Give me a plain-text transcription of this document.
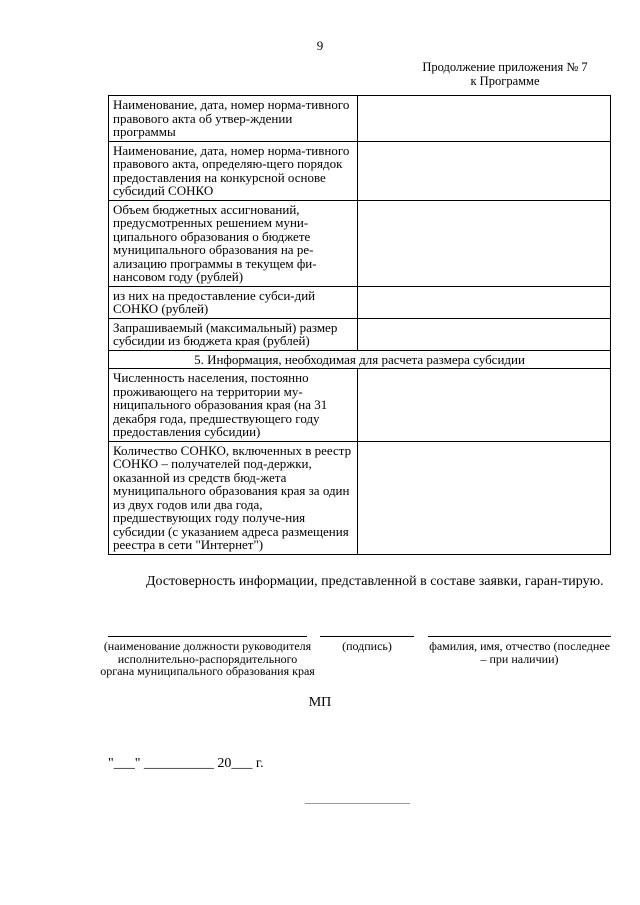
9
Продолжение приложения № 7
к Программе
Наименование, дата, номер норма-тивного правового акта об утвер-ждении программы	
Наименование, дата, номер норма-тивного правового акта, определяю-щего порядок предоставления на конкурсной основе субсидий СОНКО	
Объем бюджетных ассигнований, предусмотренных решением муни-ципального образования о бюджете муниципального образования на ре-ализацию программы в текущем фи-нансовом году (рублей)	
из них на предоставление субси-дий СОНКО (рублей)	
Запрашиваемый (максимальный) размер субсидии из бюджета края (рублей)	
5. Информация, необходимая для расчета размера субсидии	
Численность населения, постоянно проживающего на территории му-ниципального образования края (на 31 декабря года, предшествующего году предоставления субсидии)	
Количество СОНКО, включенных в реестр СОНКО – получателей под-держки, оказанной из средств бюд-жета муниципального образования края за один из двух годов или два года, предшествующих году получе-ния субсидии (с указанием адреса размещения реестра в сети "Интернет")	
Достоверность информации, представленной в составе заявки, гаран-тирую.
(наименование должности руководителя исполнительно-распорядительного органа муниципального образования края
(подпись)	фамилия, имя, отчество (последнее – при наличии)
МП
"___" __________ 20___ г.
